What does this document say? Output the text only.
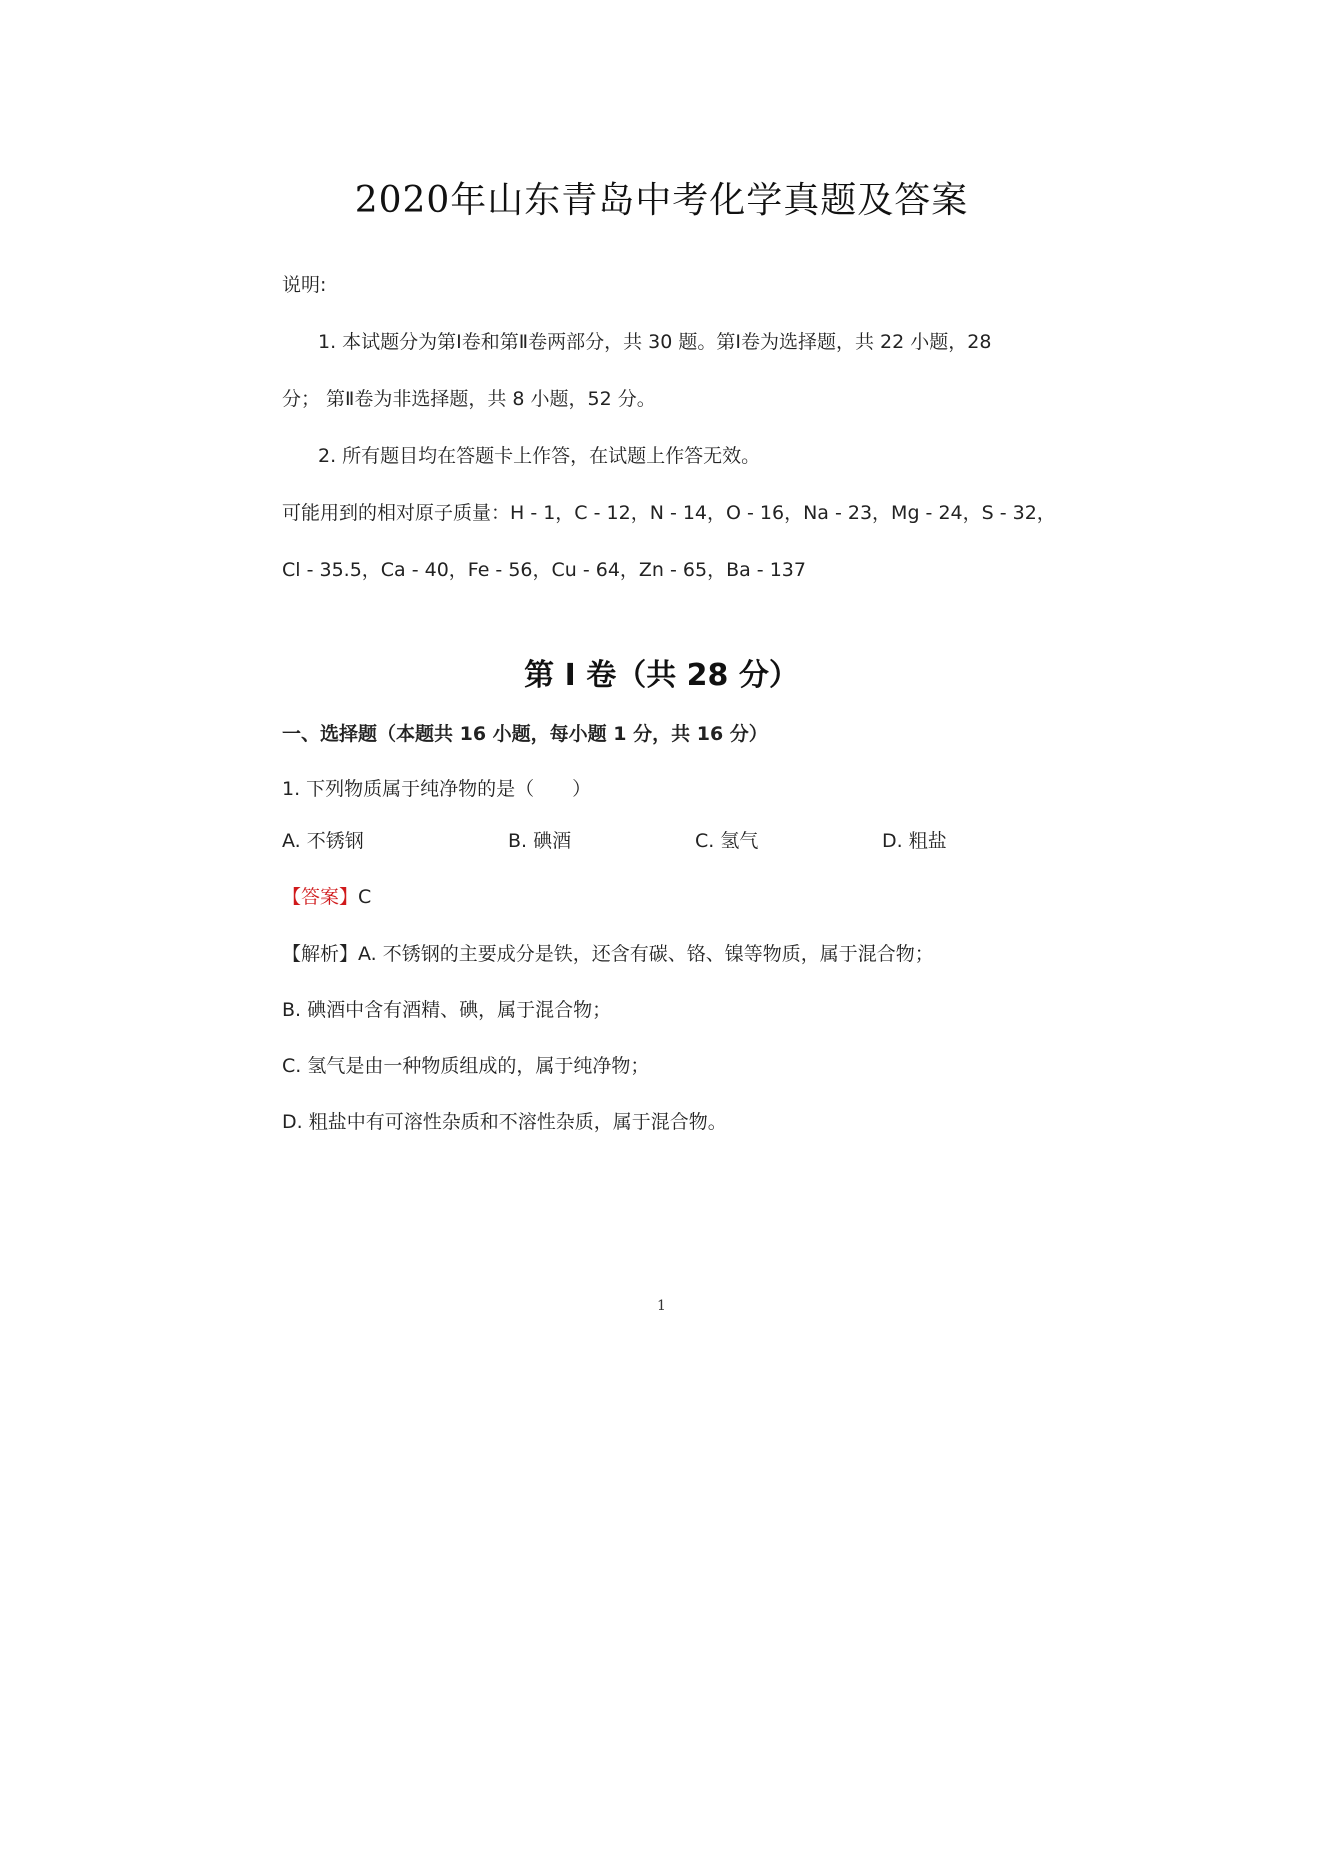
2020年山东青岛中考化学真题及答案
说明:
1. 本试题分为第Ⅰ卷和第Ⅱ卷两部分，共 30 题。第Ⅰ卷为选择题，共 22 小题，28
分； 第Ⅱ卷为非选择题，共 8 小题，52 分。
2. 所有题目均在答题卡上作答，在试题上作答无效。
可能用到的相对原子质量：H - 1，C - 12，N - 14，O - 16，Na - 23，Mg - 24，S - 32，
Cl - 35.5，Ca - 40，Fe - 56，Cu - 64，Zn - 65，Ba - 137
第 I 卷（共 28 分）
一、选择题（本题共 16 小题，每小题 1 分，共 16 分）
1. 下列物质属于纯净物的是（　　）
A. 不锈钢	B. 碘酒	C. 氢气	D. 粗盐
【答案】C
【解析】A. 不锈钢的主要成分是铁，还含有碳、铬、镍等物质，属于混合物；
B. 碘酒中含有酒精、碘，属于混合物；
C. 氢气是由一种物质组成的，属于纯净物；
D. 粗盐中有可溶性杂质和不溶性杂质，属于混合物。
1
